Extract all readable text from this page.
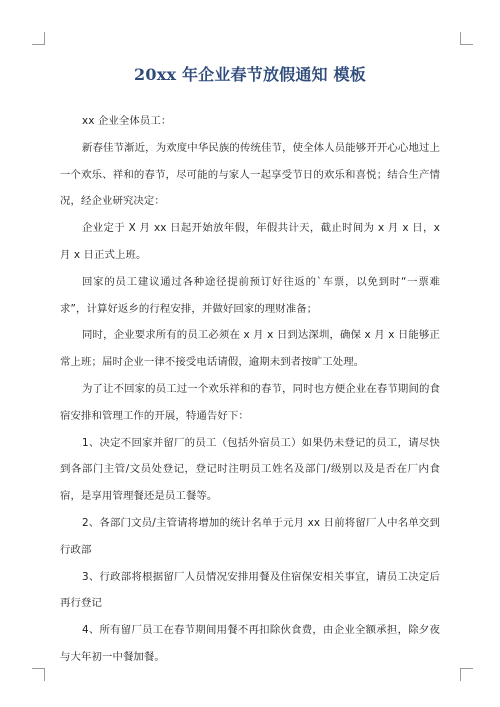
20xx 年企业春节放假通知 模板

xx 企业全体员工：

新春佳节渐近，为欢度中华民族的传统佳节，使全体人员能够开开心心地过上一个欢乐、祥和的春节，尽可能的与家人一起享受节日的欢乐和喜悦；结合生产情况，经企业研究决定：

企业定于 X 月 xx 日起开始放年假，年假共计天，截止时间为 x 月 x 日，x 月 x 日正式上班。

回家的员工建议通过各种途径提前预订好往返的`车票，以免到时“一票难求”，计算好返乡的行程安排，并做好回家的理财准备；

同时，企业要求所有的员工必须在 x 月 x 日到达深圳，确保 x 月 x 日能够正常上班；届时企业一律不接受电话请假，逾期未到者按旷工处理。

为了让不回家的员工过一个欢乐祥和的春节，同时也方便企业在春节期间的食宿安排和管理工作的开展，特通告好下：

1、决定不回家并留厂的员工（包括外宿员工）如果仍未登记的员工，请尽快到各部门主管/文员处登记，登记时注明员工姓名及部门/级别以及是否在厂内食宿，是享用管理餐还是员工餐等。

2、各部门文员/主管请将增加的统计名单于元月 xx 日前将留厂人中名单交到行政部

3、行政部将根据留厂人员情况安排用餐及住宿保安相关事宜，请员工决定后再行登记

4、所有留厂员工在春节期间用餐不再扣除伙食费，由企业全额承担，除夕夜与大年初一中餐加餐。
